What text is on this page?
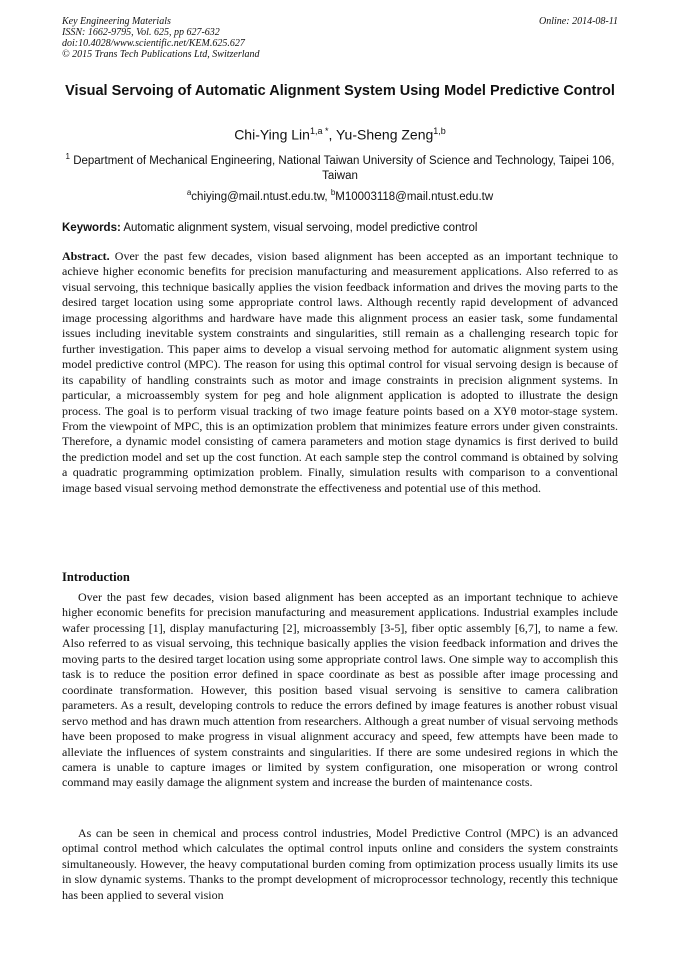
Key Engineering Materials
ISSN: 1662-9795, Vol. 625, pp 627-632
doi:10.4028/www.scientific.net/KEM.625.627
© 2015 Trans Tech Publications Ltd, Switzerland
Online: 2014-08-11
Visual Servoing of Automatic Alignment System Using Model Predictive Control
Chi-Ying Lin$^{1,a *}$, Yu-Sheng Zeng$^{1,b}$
$^1$ Department of Mechanical Engineering, National Taiwan University of Science and Technology, Taipei 106, Taiwan
$^a$chiying@mail.ntust.edu.tw, $^b$M10003118@mail.ntust.edu.tw
Keywords: Automatic alignment system, visual servoing, model predictive control
Abstract. Over the past few decades, vision based alignment has been accepted as an important technique to achieve higher economic benefits for precision manufacturing and measurement applications. Also referred to as visual servoing, this technique basically applies the vision feedback information and drives the moving parts to the desired target location using some appropriate control laws. Although recently rapid development of advanced image processing algorithms and hardware have made this alignment process an easier task, some fundamental issues including inevitable system constraints and singularities, still remain as a challenging research topic for further investigation. This paper aims to develop a visual servoing method for automatic alignment system using model predictive control (MPC). The reason for using this optimal control for visual servoing design is because of its capability of handling constraints such as motor and image constraints in precision alignment systems. In particular, a microassembly system for peg and hole alignment application is adopted to illustrate the design process. The goal is to perform visual tracking of two image feature points based on a XYθ motor-stage system. From the viewpoint of MPC, this is an optimization problem that minimizes feature errors under given constraints. Therefore, a dynamic model consisting of camera parameters and motion stage dynamics is first derived to build the prediction model and set up the cost function. At each sample step the control command is obtained by solving a quadratic programming optimization problem. Finally, simulation results with comparison to a conventional image based visual servoing method demonstrate the effectiveness and potential use of this method.
Introduction
Over the past few decades, vision based alignment has been accepted as an important technique to achieve higher economic benefits for precision manufacturing and measurement applications. Industrial examples include wafer processing [1], display manufacturing [2], microassembly [3-5], fiber optic assembly [6,7], to name a few. Also referred to as visual servoing, this technique basically applies the vision feedback information and drives the moving parts to the desired target location using some appropriate control laws. One simple way to accomplish this task is to reduce the position error defined in space coordinate as best as possible after image processing and coordinate transformation. However, this position based visual servoing is sensitive to camera calibration parameters. As a result, developing controls to reduce the errors defined by image features is another robust visual servo method and has drawn much attention from researchers. Although a great number of visual servoing methods have been proposed to make progress in visual alignment accuracy and speed, few attempts have been made to alleviate the influences of system constraints and singularities. If there are some undesired regions in which the camera is unable to capture images or limited by system configuration, one misoperation or wrong control command may easily damage the alignment system and increase the burden of maintenance costs.
As can be seen in chemical and process control industries, Model Predictive Control (MPC) is an advanced optimal control method which calculates the optimal control inputs online and considers the system constraints simultaneously. However, the heavy computational burden coming from optimization process usually limits its use in slow dynamic systems. Thanks to the prompt development of microprocessor technology, recently this technique has been applied to several vision
